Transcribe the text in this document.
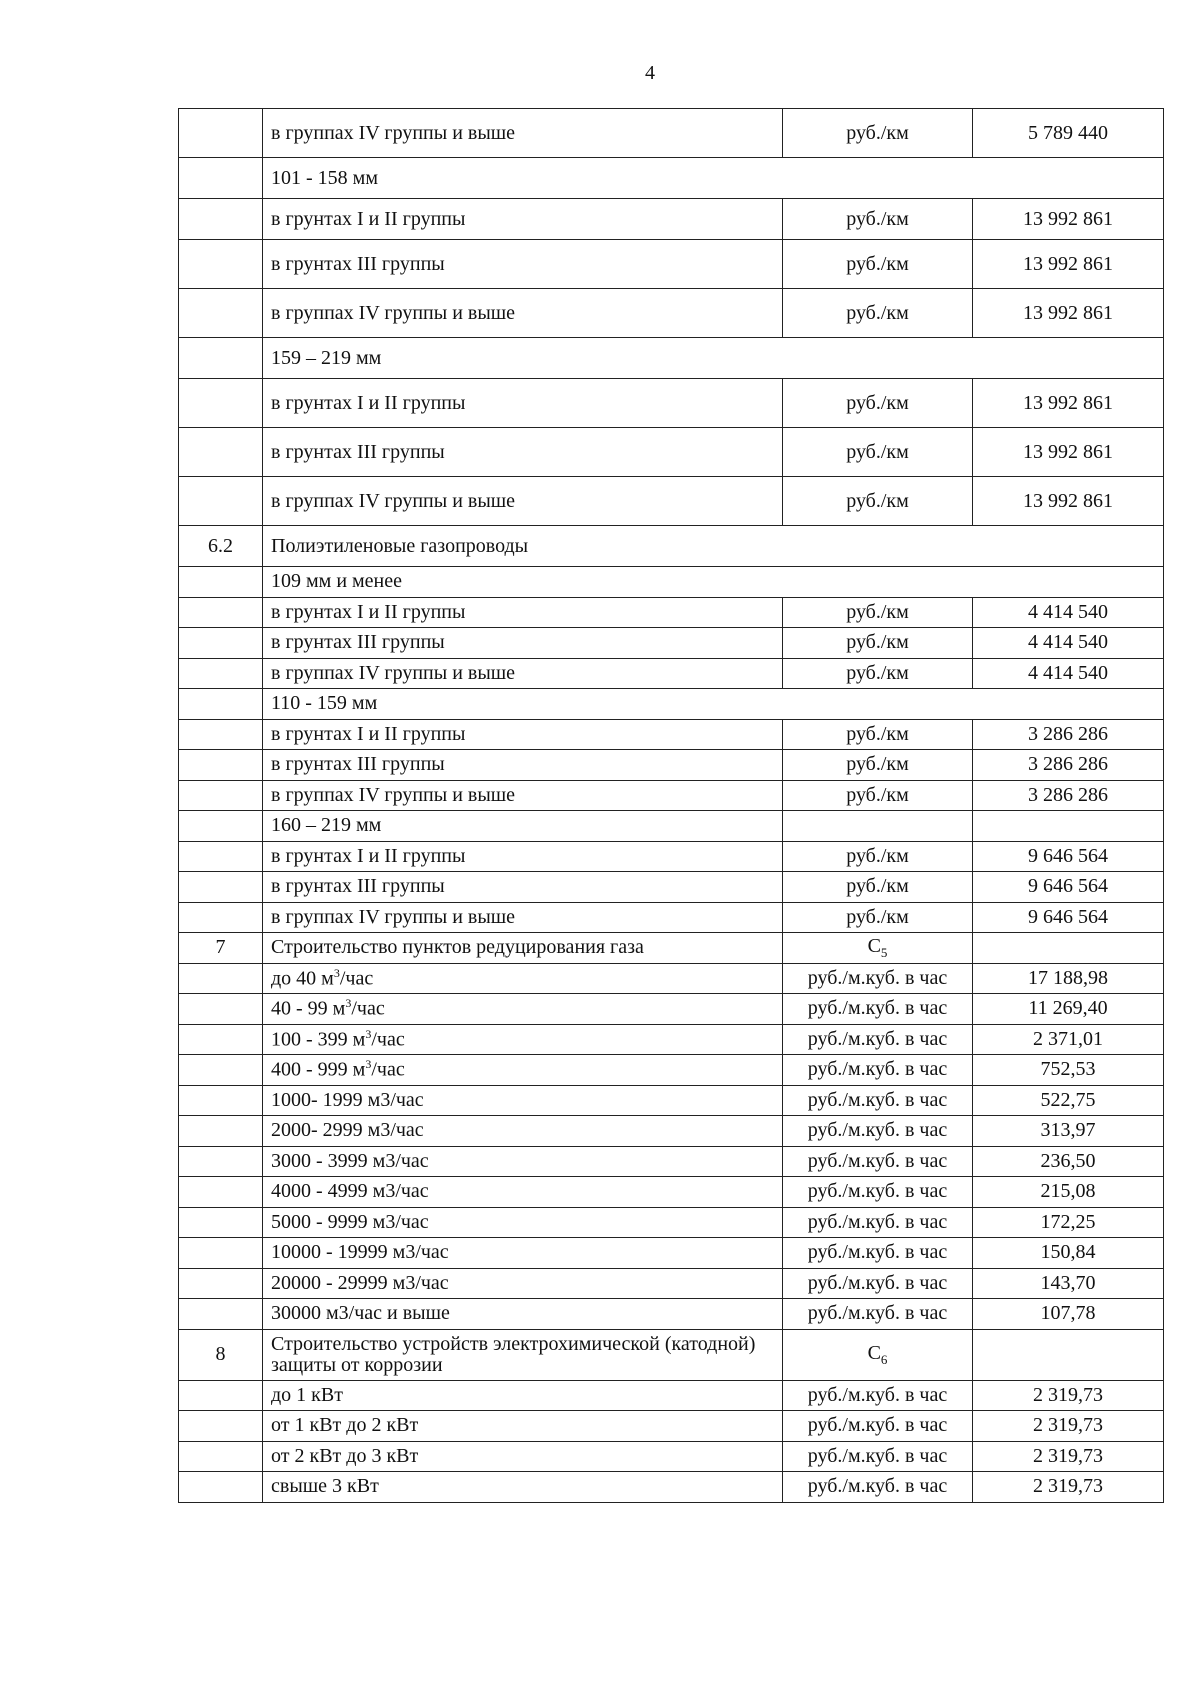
4
	в группах IV группы и выше	руб./км	5 789 440
	101 - 158 мм		
	в грунтах I и II группы	руб./км	13 992 861
	в грунтах III группы	руб./км	13 992 861
	в группах IV группы и выше	руб./км	13 992 861
	159 – 219 мм		
	в грунтах I и II группы	руб./км	13 992 861
	в грунтах III группы	руб./км	13 992 861
	в группах IV группы и выше	руб./км	13 992 861
6.2	Полиэтиленовые газопроводы		
	109 мм и менее		
	в грунтах I и II группы	руб./км	4 414 540
	в грунтах III группы	руб./км	4 414 540
	в группах IV группы и выше	руб./км	4 414 540
	110 - 159 мм		
	в грунтах I и II группы	руб./км	3 286 286
	в грунтах III группы	руб./км	3 286 286
	в группах IV группы и выше	руб./км	3 286 286
	160 – 219 мм		
	в грунтах I и II группы	руб./км	9 646 564
	в грунтах III группы	руб./км	9 646 564
	в группах IV группы и выше	руб./км	9 646 564
7	Строительство пунктов редуцирования газа	$C_5$	
	до 40 $м^3$/час	руб./м.куб. в час	17 188,98
	40 - 99 $м^3$/час	руб./м.куб. в час	11 269,40
	100 - 399 $м^3$/час	руб./м.куб. в час	2 371,01
	400 - 999 $м^3$/час	руб./м.куб. в час	752,53
	1000- 1999 м3/час	руб./м.куб. в час	522,75
	2000- 2999 м3/час	руб./м.куб. в час	313,97
	3000 - 3999 м3/час	руб./м.куб. в час	236,50
	4000 - 4999 м3/час	руб./м.куб. в час	215,08
	5000 - 9999 м3/час	руб./м.куб. в час	172,25
	10000 - 19999 м3/час	руб./м.куб. в час	150,84
	20000 - 29999 м3/час	руб./м.куб. в час	143,70
	30000 м3/час и выше	руб./м.куб. в час	107,78
8	Строительство устройств электрохимической (катодной) защиты от коррозии	$C_6$	
	до 1 кВт	руб./м.куб. в час	2 319,73
	от 1 кВт до 2 кВт	руб./м.куб. в час	2 319,73
	от 2 кВт до 3 кВт	руб./м.куб. в час	2 319,73
	свыше 3 кВт	руб./м.куб. в час	2 319,73
